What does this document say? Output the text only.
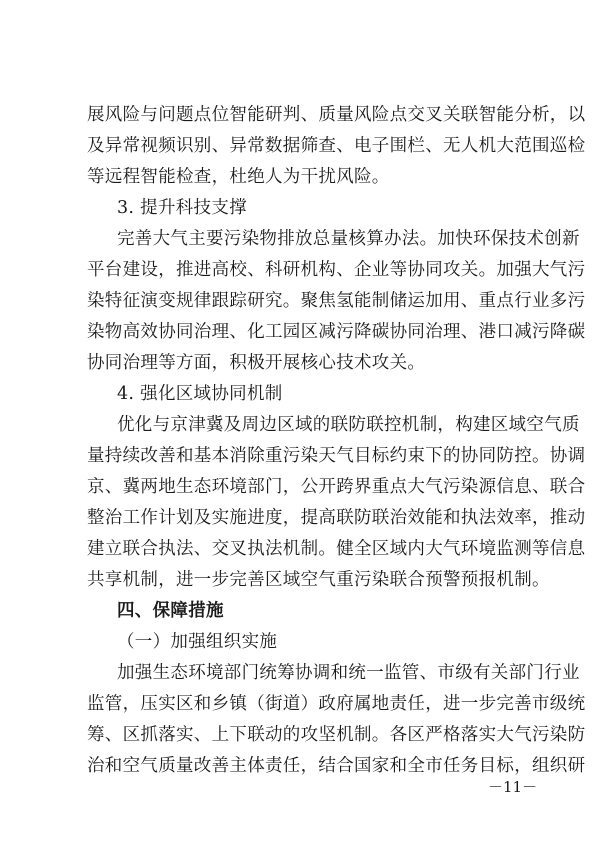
展风险与问题点位智能研判、质量风险点交叉关联智能分析，以
及异常视频识别、异常数据筛查、电子围栏、无人机大范围巡检
等远程智能检查，杜绝人为干扰风险。
3. 提升科技支撑
完善大气主要污染物排放总量核算办法。加快环保技术创新
平台建设，推进高校、科研机构、企业等协同攻关。加强大气污
染特征演变规律跟踪研究。聚焦氢能制储运加用、重点行业多污
染物高效协同治理、化工园区减污降碳协同治理、港口减污降碳
协同治理等方面，积极开展核心技术攻关。
4. 强化区域协同机制
优化与京津冀及周边区域的联防联控机制，构建区域空气质
量持续改善和基本消除重污染天气目标约束下的协同防控。协调
京、冀两地生态环境部门，公开跨界重点大气污染源信息、联合
整治工作计划及实施进度，提高联防联治效能和执法效率，推动
建立联合执法、交叉执法机制。健全区域内大气环境监测等信息
共享机制，进一步完善区域空气重污染联合预警预报机制。
四、保障措施
（一）加强组织实施
加强生态环境部门统筹协调和统一监管、市级有关部门行业
监管，压实区和乡镇（街道）政府属地责任，进一步完善市级统
筹、区抓落实、上下联动的攻坚机制。各区严格落实大气污染防
治和空气质量改善主体责任，结合国家和全市任务目标，组织研
－11－
